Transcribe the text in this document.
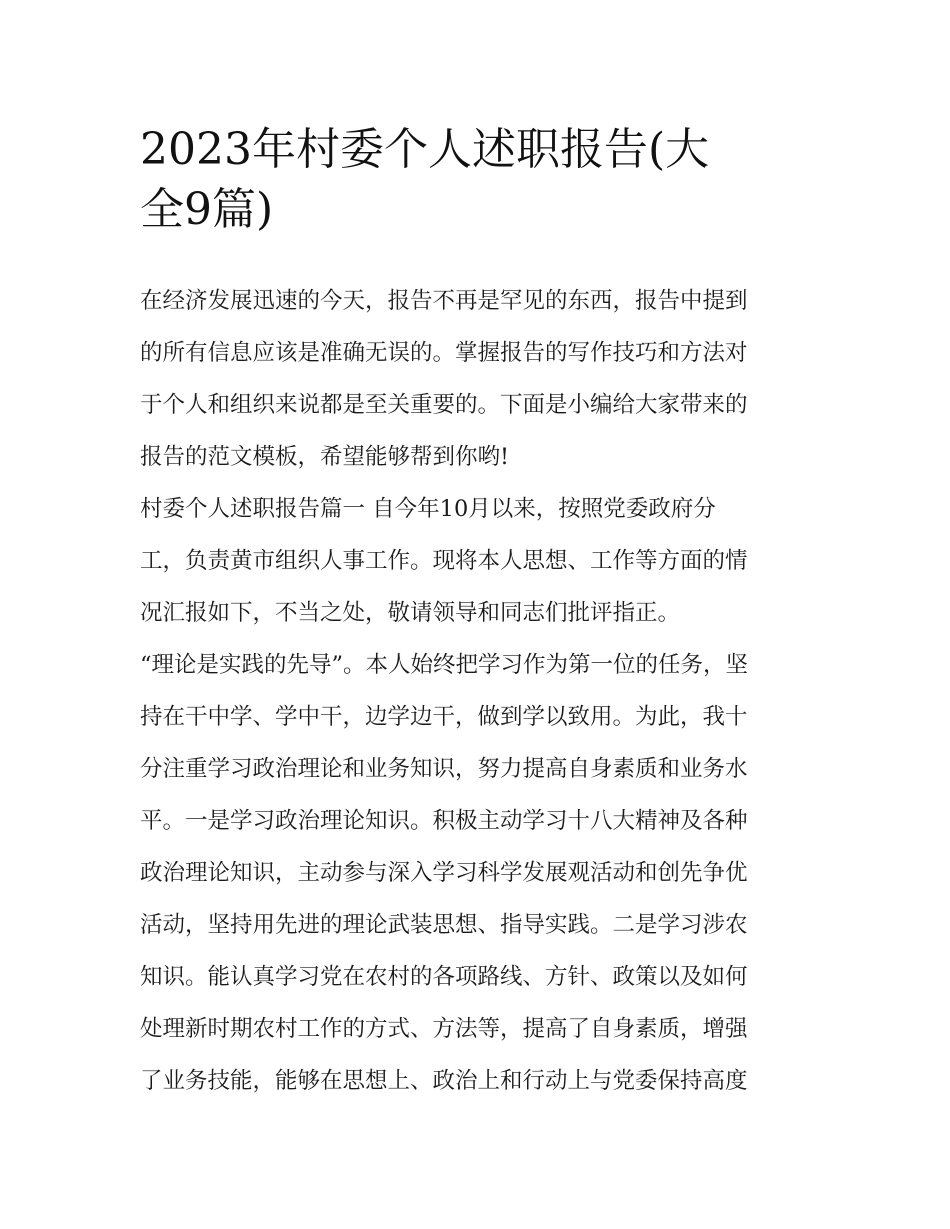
2023年村委个人述职报告(大
全9篇)
在经济发展迅速的今天，报告不再是罕见的东西，报告中提到
的所有信息应该是准确无误的。掌握报告的写作技巧和方法对
于个人和组织来说都是至关重要的。下面是小编给大家带来的
报告的范文模板，希望能够帮到你哟!
村委个人述职报告篇一 自今年10月以来，按照党委政府分
工，负责黄市组织人事工作。现将本人思想、工作等方面的情
况汇报如下，不当之处，敬请领导和同志们批评指正。
“理论是实践的先导”。本人始终把学习作为第一位的任务，坚
持在干中学、学中干，边学边干，做到学以致用。为此，我十
分注重学习政治理论和业务知识，努力提高自身素质和业务水
平。一是学习政治理论知识。积极主动学习十八大精神及各种
政治理论知识，主动参与深入学习科学发展观活动和创先争优
活动，坚持用先进的理论武装思想、指导实践。二是学习涉农
知识。能认真学习党在农村的各项路线、方针、政策以及如何
处理新时期农村工作的方式、方法等，提高了自身素质，增强
了业务技能，能够在思想上、政治上和行动上与党委保持高度
